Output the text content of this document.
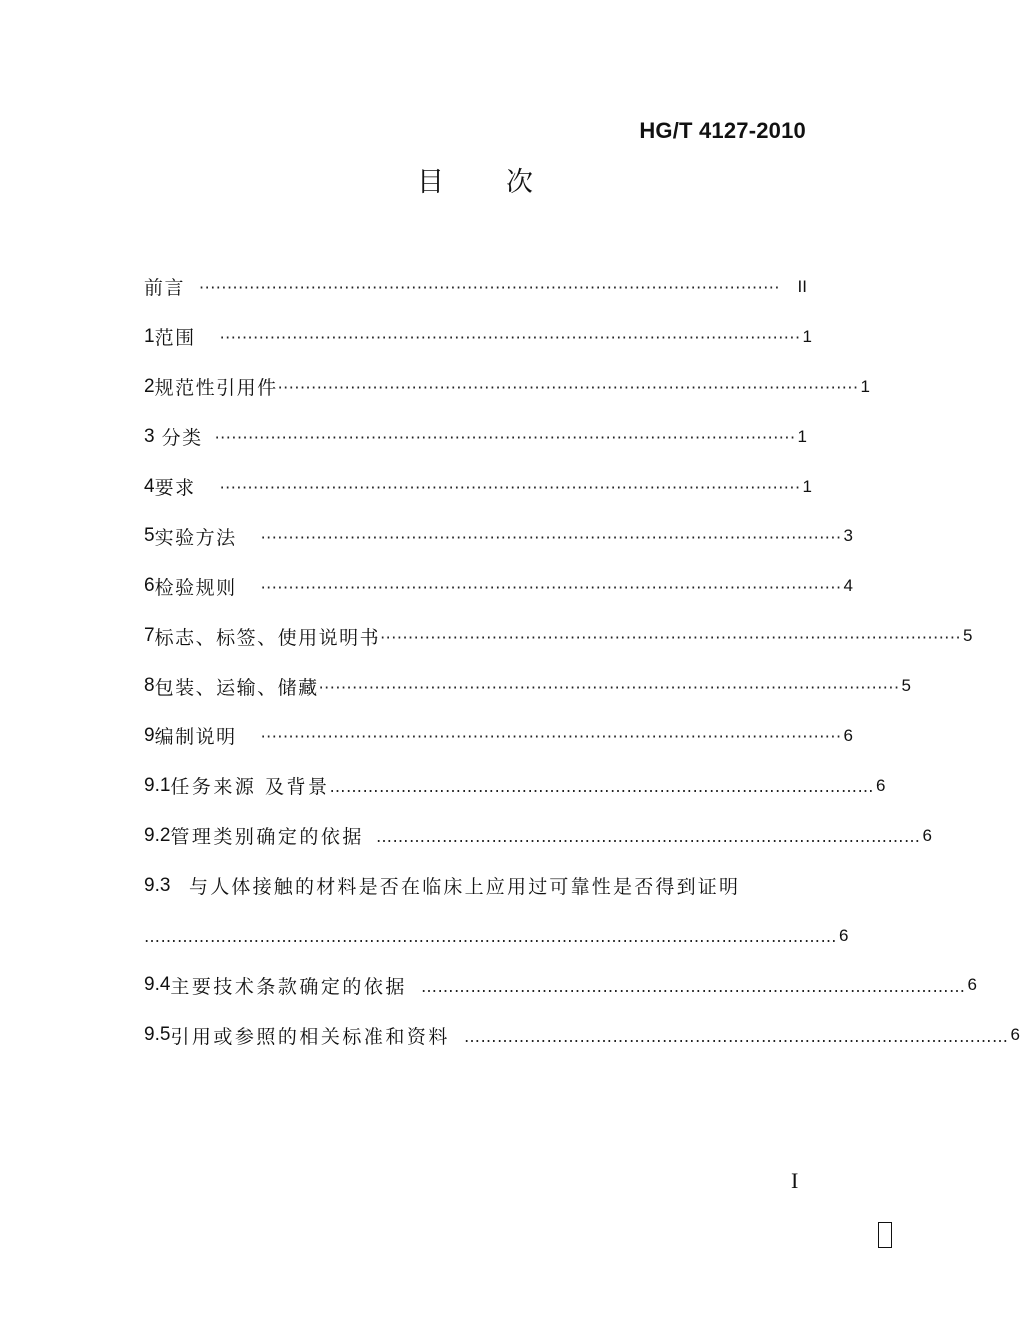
HG/T 4127-2010
目 次
前言 ········································································································	II
1 范围 ········································································································ 1
2 规范性引用件 ········································································································ 1
3 分类 ········································································································ 1
4 要求 ········································································································ 1
5 实验方法 ········································································································ 3
6 检验规则 ········································································································ 4
7 标志、标签、使用说明书 ········································································································ 5
8 包装、运输、储藏 ········································································································ 5
9 编制说明 ········································································································ 6
9.1 任务来源 及背景 ……………………………………………………………………………………… 6
9.2 管理类别确定的依据 ……………………………………………………………………………………… 6
9.3 与人体接触的材料是否在临床上应用过可靠性是否得到证明
……………………………………………………………………………………………………………… 6
9.4 主要技术条款确定的依据 ……………………………………………………………………………………… 6
9.5 引用或参照的相关标准和资料 ……………………………………………………………………………………… 6
I
